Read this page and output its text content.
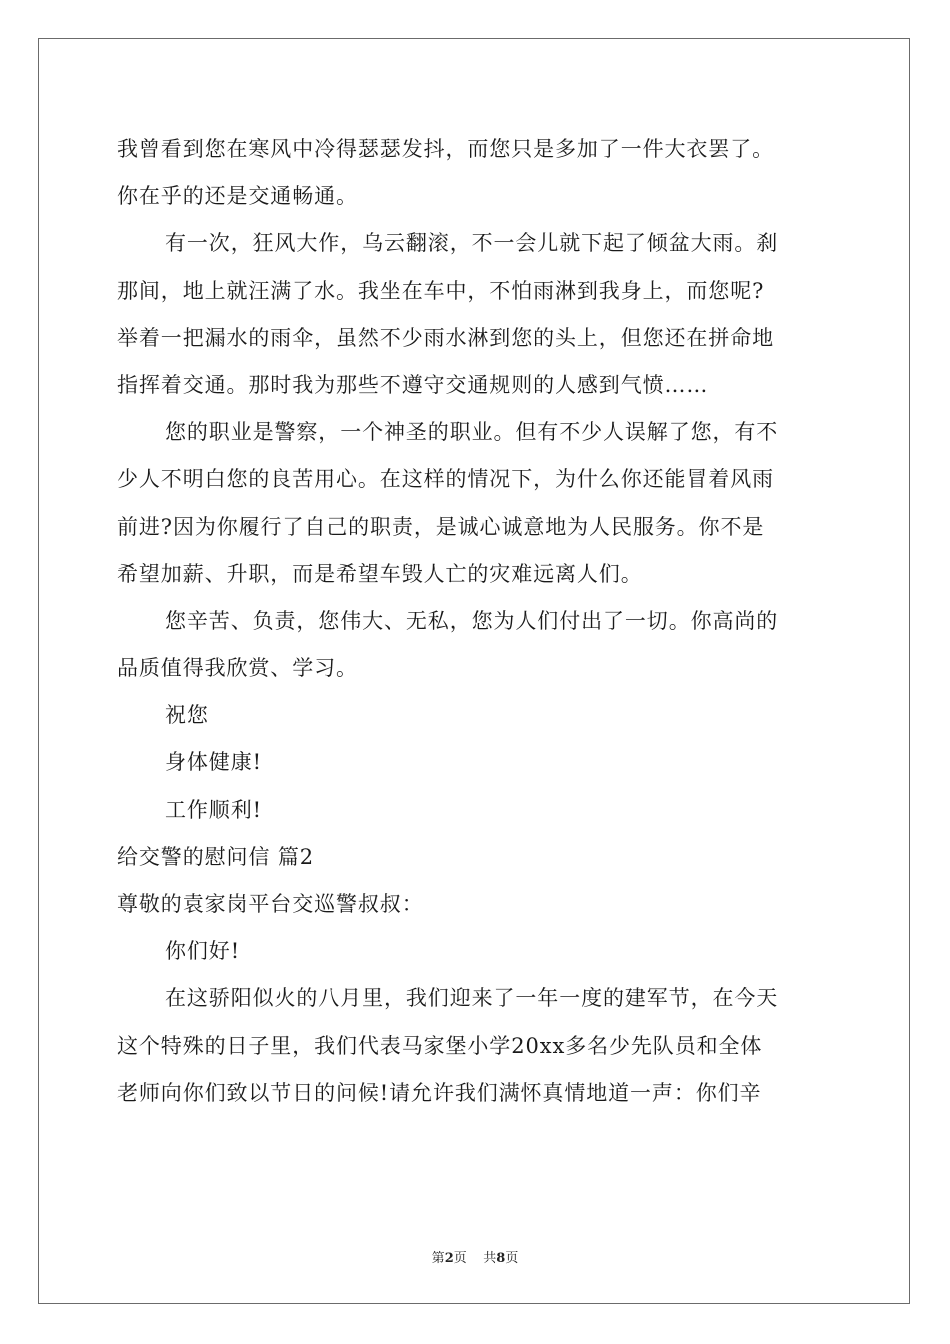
我曾看到您在寒风中冷得瑟瑟发抖，而您只是多加了一件大衣罢了。
你在乎的还是交通畅通。
有一次，狂风大作，乌云翻滚，不一会儿就下起了倾盆大雨。刹
那间，地上就汪满了水。我坐在车中，不怕雨淋到我身上，而您呢?
举着一把漏水的雨伞，虽然不少雨水淋到您的头上，但您还在拼命地
指挥着交通。那时我为那些不遵守交通规则的人感到气愤……
您的职业是警察，一个神圣的职业。但有不少人误解了您，有不
少人不明白您的良苦用心。在这样的情况下，为什么你还能冒着风雨
前进?因为你履行了自己的职责，是诚心诚意地为人民服务。你不是
希望加薪、升职，而是希望车毁人亡的灾难远离人们。
您辛苦、负责，您伟大、无私，您为人们付出了一切。你高尚的
品质值得我欣赏、学习。
祝您
身体健康!
工作顺利!
给交警的慰问信 篇2
尊敬的袁家岗平台交巡警叔叔：
你们好!
在这骄阳似火的八月里，我们迎来了一年一度的建军节，在今天
这个特殊的日子里，我们代表马家堡小学20xx多名少先队员和全体
老师向你们致以节日的问候!请允许我们满怀真情地道一声：你们辛
第2页    共8页
